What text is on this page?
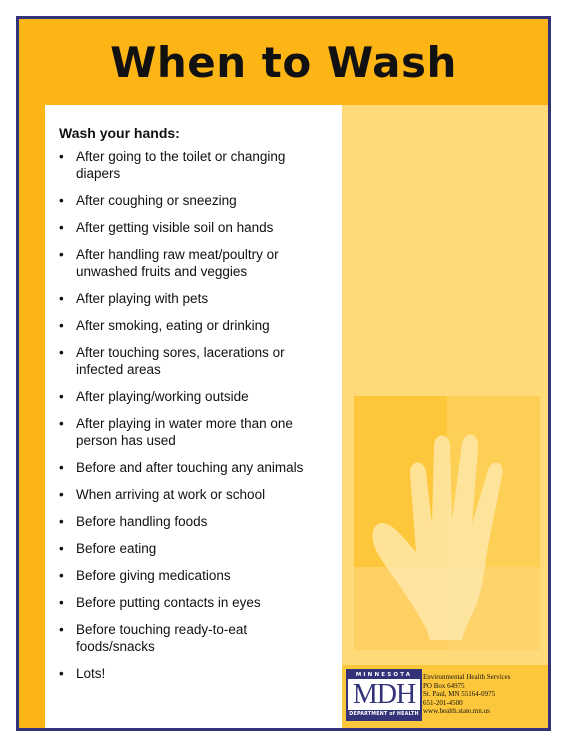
When to Wash
Wash your hands:
• After going to the toilet or changing diapers
• After coughing or sneezing
• After getting visible soil on hands
• After handling raw meat/poultry or unwashed fruits and veggies
• After playing with pets
• After smoking, eating or drinking
• After touching sores, lacerations or infected areas
• After playing/working outside
• After playing in water more than one person has used
• Before and after touching any animals
• When arriving at work or school
• Before handling foods
• Before eating
• Before giving medications
• Before putting contacts in eyes
• Before touching ready-to-eat foods/snacks
• Lots!	MINNESOTA
MDH
DEPARTMENT of HEALTH
Environmental Health Services
PO Box 64975
St. Paul, MN 55164-0975
651-201-4500
www.health.state.mn.us
